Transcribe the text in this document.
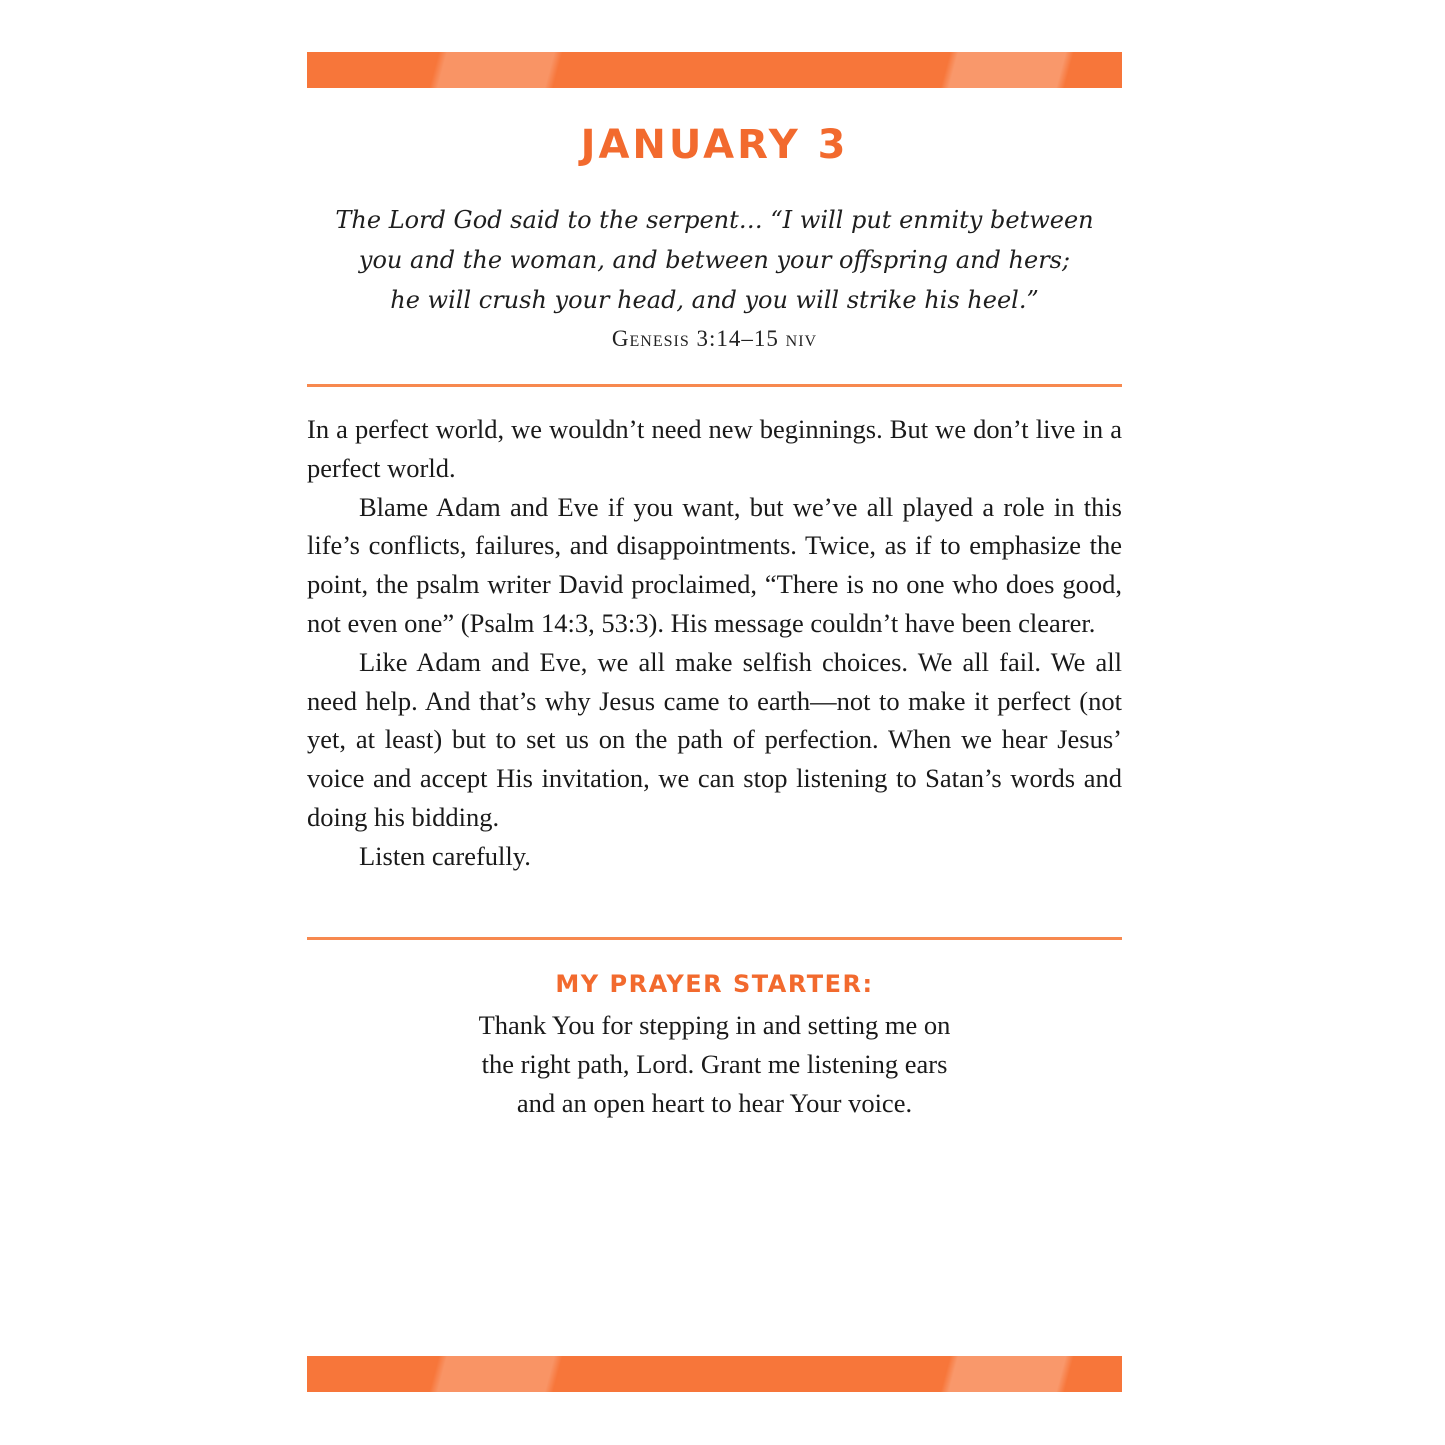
JANUARY 3
The Lord God said to the serpent… “I will put enmity between
you and the woman, and between your offspring and hers;
he will crush your head, and you will strike his heel.”
Genesis 3:14–15 niv

In a perfect world, we wouldn’t need new beginnings. But we don’t live in a perfect world.

Blame Adam and Eve if you want, but we’ve all played a role in this life’s conflicts, failures, and disappointments. Twice, as if to emphasize the point, the psalm writer David proclaimed, “There is no one who does good, not even one” (Psalm 14:3, 53:3). His message couldn’t have been clearer.

Like Adam and Eve, we all make selfish choices. We all fail. We all need help. And that’s why Jesus came to earth—not to make it perfect (not yet, at least) but to set us on the path of perfection. When we hear Jesus’ voice and accept His invitation, we can stop listening to Satan’s words and doing his bidding.

Listen carefully.

MY PRAYER STARTER:
Thank You for stepping in and setting me on
the right path, Lord. Grant me listening ears
and an open heart to hear Your voice.
